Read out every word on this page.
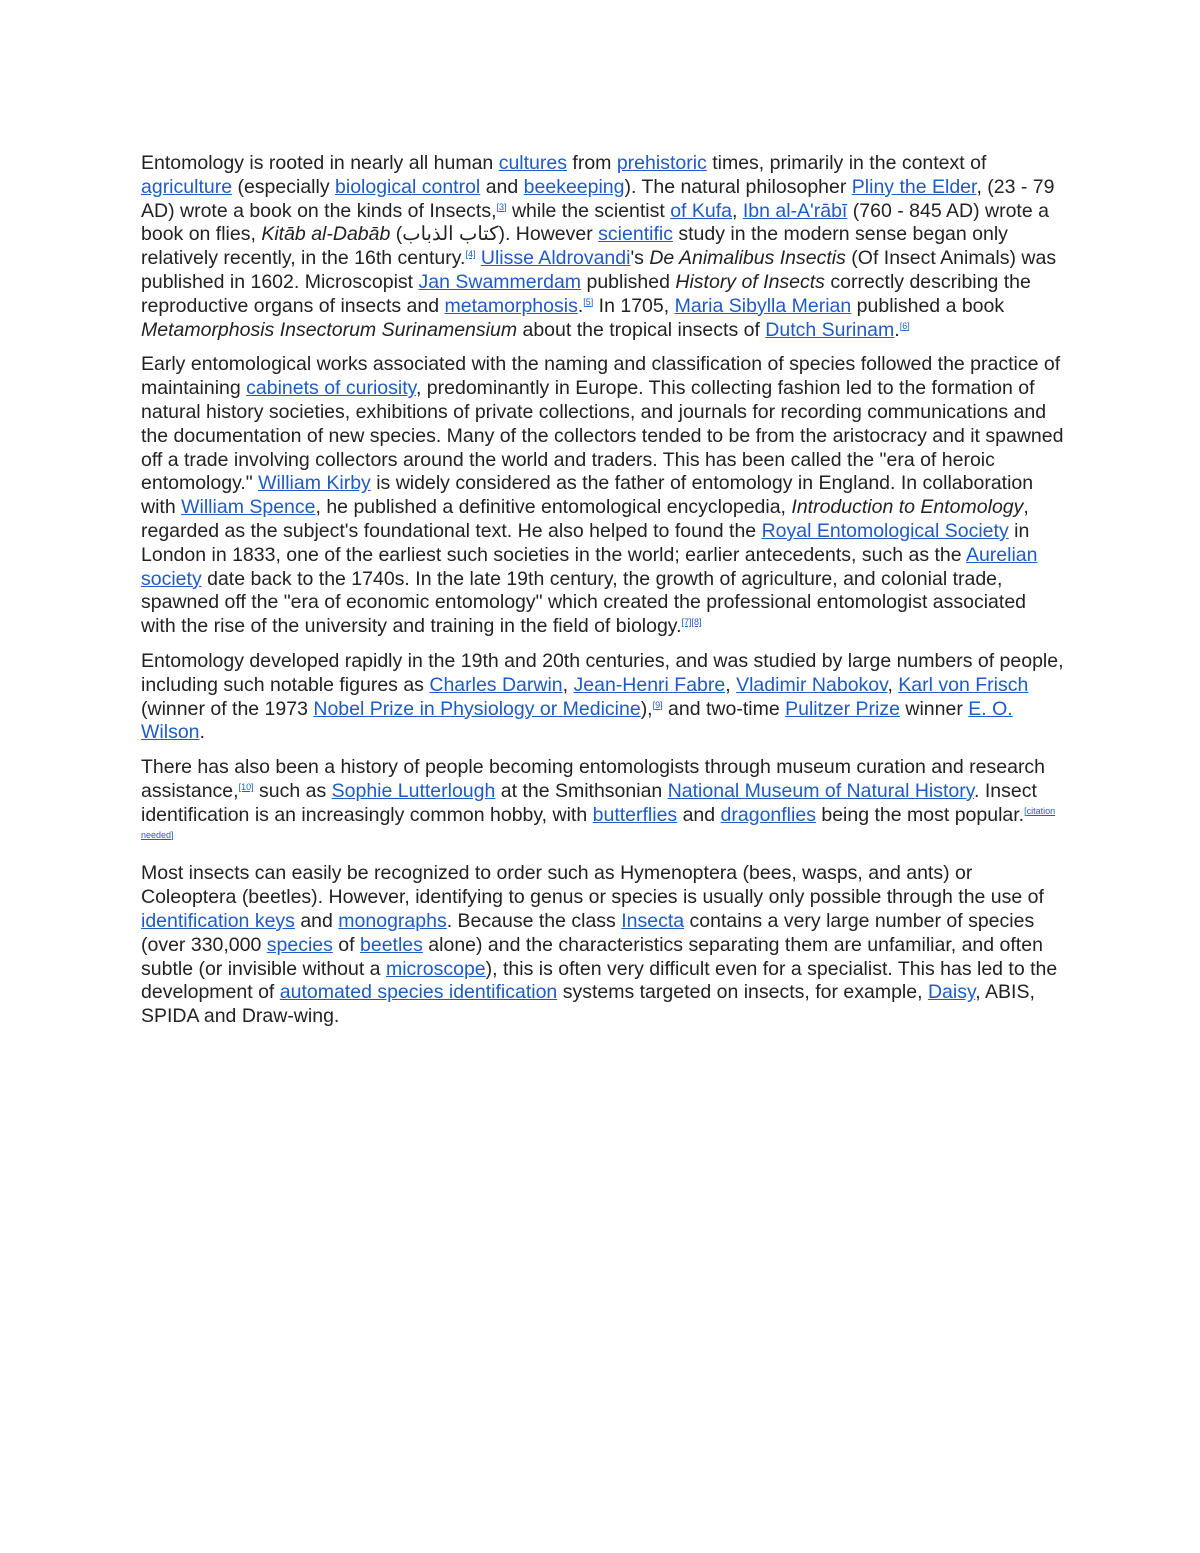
Entomology is rooted in nearly all human cultures from prehistoric times, primarily in the context of agriculture (especially biological control and beekeeping). The natural philosopher Pliny the Elder, (23 - 79 AD) wrote a book on the kinds of Insects,[3] while the scientist of Kufa, Ibn al-A'rābī (760 - 845 AD) wrote a book on flies, Kitāb al-Dabāb (كتاب الذباب). However scientific study in the modern sense began only relatively recently, in the 16th century.[4] Ulisse Aldrovandi's De Animalibus Insectis (Of Insect Animals) was published in 1602. Microscopist Jan Swammerdam published History of Insects correctly describing the reproductive organs of insects and metamorphosis.[5] In 1705, Maria Sibylla Merian published a book Metamorphosis Insectorum Surinamensium about the tropical insects of Dutch Surinam.[6]

Early entomological works associated with the naming and classification of species followed the practice of maintaining cabinets of curiosity, predominantly in Europe. This collecting fashion led to the formation of natural history societies, exhibitions of private collections, and journals for recording communications and the documentation of new species. Many of the collectors tended to be from the aristocracy and it spawned off a trade involving collectors around the world and traders. This has been called the "era of heroic entomology." William Kirby is widely considered as the father of entomology in England. In collaboration with William Spence, he published a definitive entomological encyclopedia, Introduction to Entomology, regarded as the subject's foundational text. He also helped to found the Royal Entomological Society in London in 1833, one of the earliest such societies in the world; earlier antecedents, such as the Aurelian society date back to the 1740s. In the late 19th century, the growth of agriculture, and colonial trade, spawned off the "era of economic entomology" which created the professional entomologist associated with the rise of the university and training in the field of biology.[7][8]

Entomology developed rapidly in the 19th and 20th centuries, and was studied by large numbers of people, including such notable figures as Charles Darwin, Jean-Henri Fabre, Vladimir Nabokov, Karl von Frisch (winner of the 1973 Nobel Prize in Physiology or Medicine),[9] and two-time Pulitzer Prize winner E. O. Wilson.

There has also been a history of people becoming entomologists through museum curation and research assistance,[10] such as Sophie Lutterlough at the Smithsonian National Museum of Natural History. Insect identification is an increasingly common hobby, with butterflies and dragonflies being the most popular.[citation needed]

Most insects can easily be recognized to order such as Hymenoptera (bees, wasps, and ants) or Coleoptera (beetles). However, identifying to genus or species is usually only possible through the use of identification keys and monographs. Because the class Insecta contains a very large number of species (over 330,000 species of beetles alone) and the characteristics separating them are unfamiliar, and often subtle (or invisible without a microscope), this is often very difficult even for a specialist. This has led to the development of automated species identification systems targeted on insects, for example, Daisy, ABIS, SPIDA and Draw-wing.
